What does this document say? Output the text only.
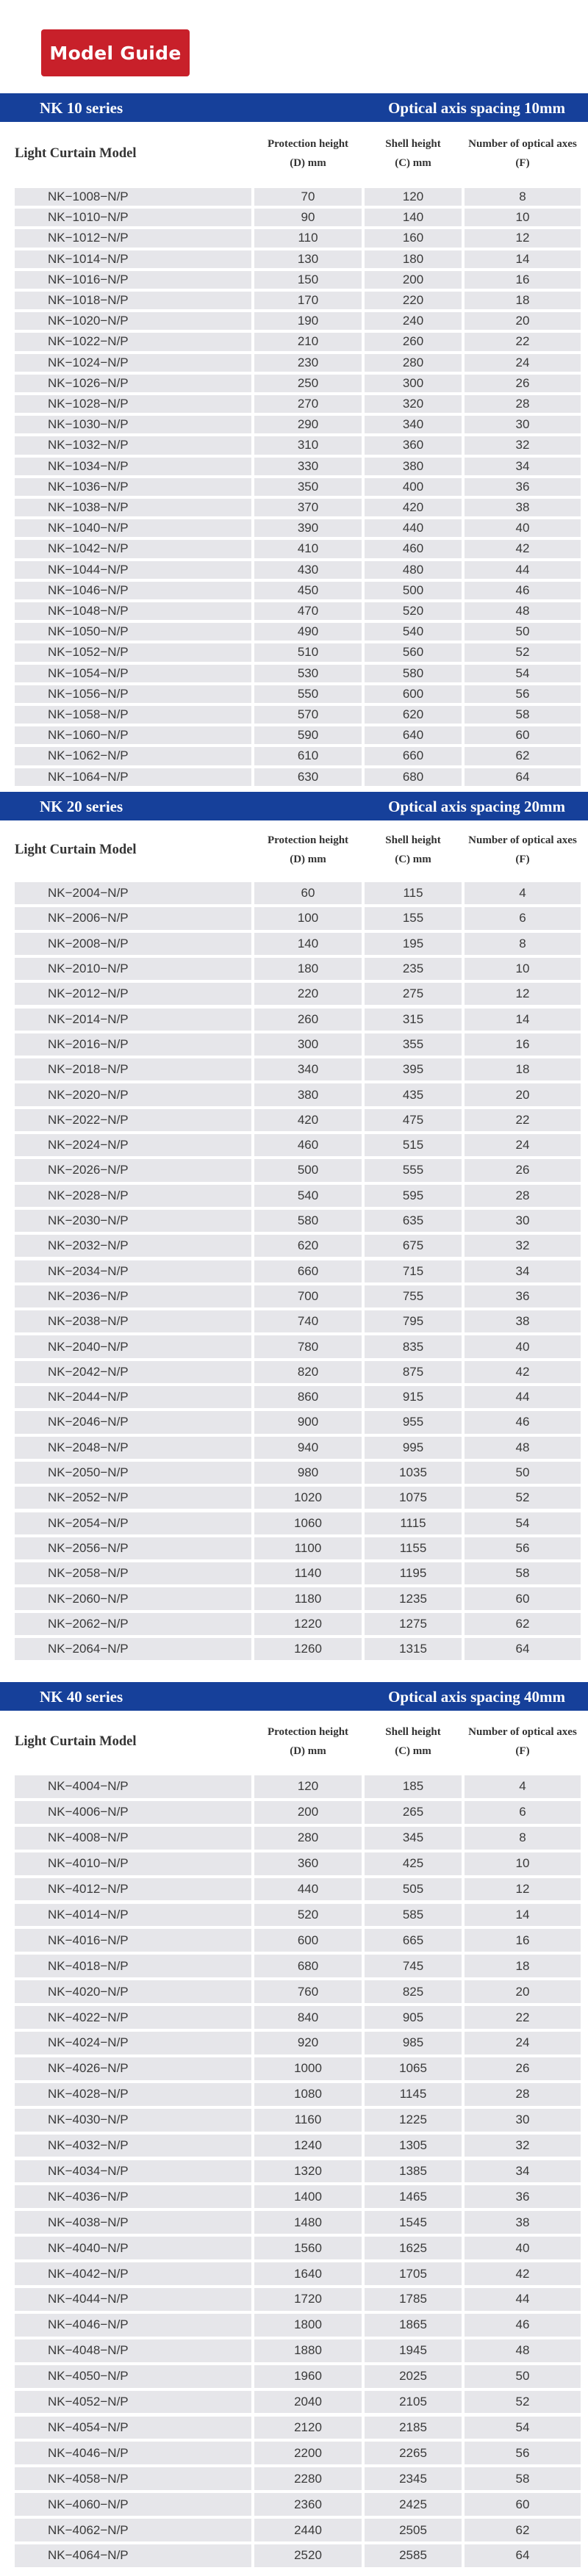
Model Guide
NK 10 series	Optical axis spacing 10mm
Light Curtain Model
Protection height
(D) mm
Shell height
(C) mm
Number of optical axes
(F)
NK−1008−N/P	70	120	8
NK−1010−N/P	90	140	10
NK−1012−N/P	110	160	12
NK−1014−N/P	130	180	14
NK−1016−N/P	150	200	16
NK−1018−N/P	170	220	18
NK−1020−N/P	190	240	20
NK−1022−N/P	210	260	22
NK−1024−N/P	230	280	24
NK−1026−N/P	250	300	26
NK−1028−N/P	270	320	28
NK−1030−N/P	290	340	30
NK−1032−N/P	310	360	32
NK−1034−N/P	330	380	34
NK−1036−N/P	350	400	36
NK−1038−N/P	370	420	38
NK−1040−N/P	390	440	40
NK−1042−N/P	410	460	42
NK−1044−N/P	430	480	44
NK−1046−N/P	450	500	46
NK−1048−N/P	470	520	48
NK−1050−N/P	490	540	50
NK−1052−N/P	510	560	52
NK−1054−N/P	530	580	54
NK−1056−N/P	550	600	56
NK−1058−N/P	570	620	58
NK−1060−N/P	590	640	60
NK−1062−N/P	610	660	62
NK−1064−N/P	630	680	64
NK 20 series	Optical axis spacing 20mm
Light Curtain Model
Protection height
(D) mm
Shell height
(C) mm
Number of optical axes
(F)
NK−2004−N/P	60	115	4
NK−2006−N/P	100	155	6
NK−2008−N/P	140	195	8
NK−2010−N/P	180	235	10
NK−2012−N/P	220	275	12
NK−2014−N/P	260	315	14
NK−2016−N/P	300	355	16
NK−2018−N/P	340	395	18
NK−2020−N/P	380	435	20
NK−2022−N/P	420	475	22
NK−2024−N/P	460	515	24
NK−2026−N/P	500	555	26
NK−2028−N/P	540	595	28
NK−2030−N/P	580	635	30
NK−2032−N/P	620	675	32
NK−2034−N/P	660	715	34
NK−2036−N/P	700	755	36
NK−2038−N/P	740	795	38
NK−2040−N/P	780	835	40
NK−2042−N/P	820	875	42
NK−2044−N/P	860	915	44
NK−2046−N/P	900	955	46
NK−2048−N/P	940	995	48
NK−2050−N/P	980	1035	50
NK−2052−N/P	1020	1075	52
NK−2054−N/P	1060	1115	54
NK−2056−N/P	1100	1155	56
NK−2058−N/P	1140	1195	58
NK−2060−N/P	1180	1235	60
NK−2062−N/P	1220	1275	62
NK−2064−N/P	1260	1315	64
NK 40 series	Optical axis spacing 40mm
Light Curtain Model
Protection height
(D) mm
Shell height
(C) mm
Number of optical axes
(F)
NK−4004−N/P	120	185	4
NK−4006−N/P	200	265	6
NK−4008−N/P	280	345	8
NK−4010−N/P	360	425	10
NK−4012−N/P	440	505	12
NK−4014−N/P	520	585	14
NK−4016−N/P	600	665	16
NK−4018−N/P	680	745	18
NK−4020−N/P	760	825	20
NK−4022−N/P	840	905	22
NK−4024−N/P	920	985	24
NK−4026−N/P	1000	1065	26
NK−4028−N/P	1080	1145	28
NK−4030−N/P	1160	1225	30
NK−4032−N/P	1240	1305	32
NK−4034−N/P	1320	1385	34
NK−4036−N/P	1400	1465	36
NK−4038−N/P	1480	1545	38
NK−4040−N/P	1560	1625	40
NK−4042−N/P	1640	1705	42
NK−4044−N/P	1720	1785	44
NK−4046−N/P	1800	1865	46
NK−4048−N/P	1880	1945	48
NK−4050−N/P	1960	2025	50
NK−4052−N/P	2040	2105	52
NK−4054−N/P	2120	2185	54
NK−4046−N/P	2200	2265	56
NK−4058−N/P	2280	2345	58
NK−4060−N/P	2360	2425	60
NK−4062−N/P	2440	2505	62
NK−4064−N/P	2520	2585	64
